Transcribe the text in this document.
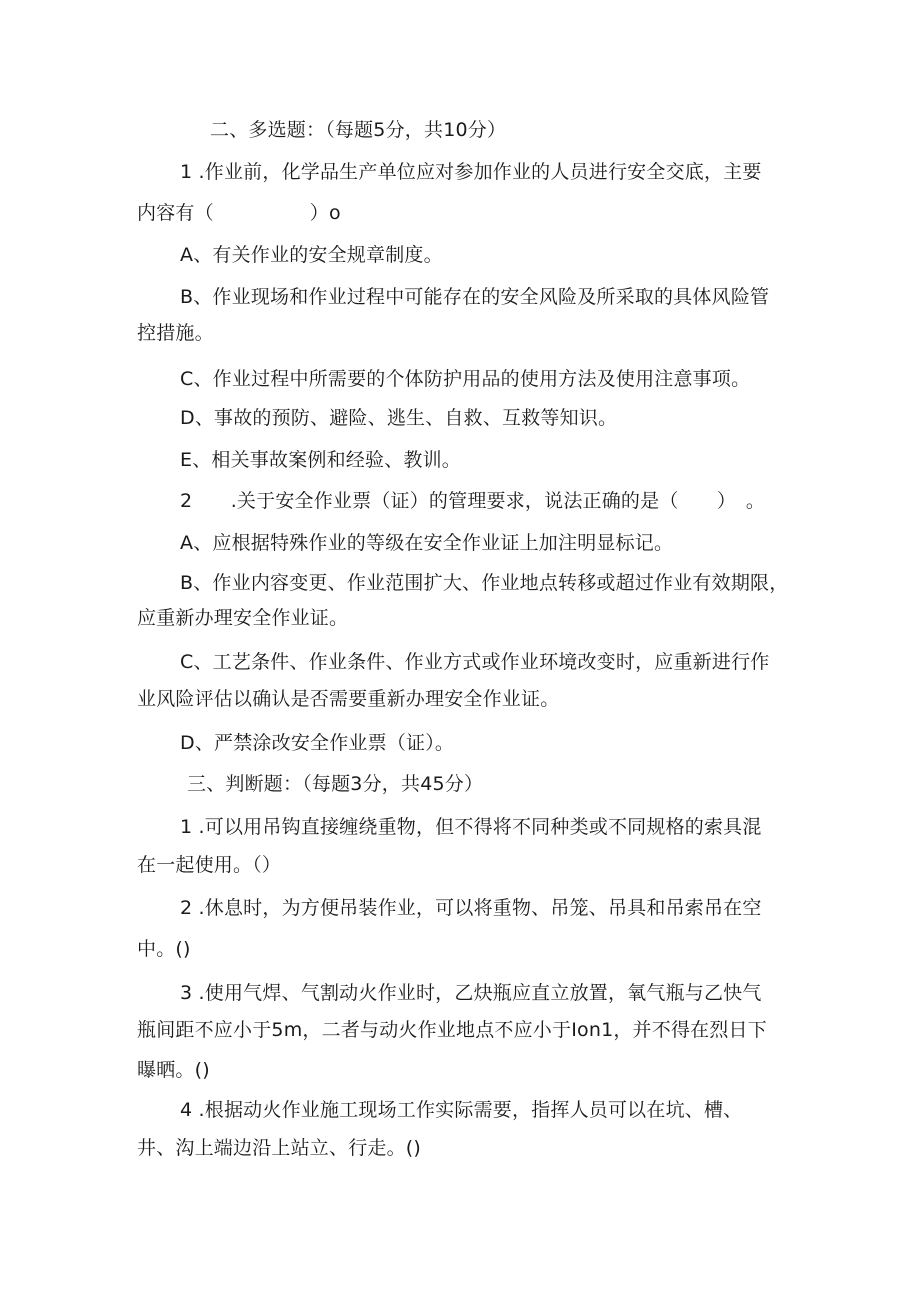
二、多选题：（每题5分，共10分）
1 .作业前，化学品生产单位应对参加作业的人员进行安全交底，主要
内容有（　　　　　）o
A、有关作业的安全规章制度。
B、作业现场和作业过程中可能存在的安全风险及所采取的具体风险管
控措施。
C、作业过程中所需要的个体防护用品的使用方法及使用注意事项。
D、事故的预防、避险、逃生、自救、互救等知识。
E、相关事故案例和经验、教训。
2　　.关于安全作业票（证）的管理要求，说法正确的是（　　）　。
A、应根据特殊作业的等级在安全作业证上加注明显标记。
B、作业内容变更、作业范围扩大、作业地点转移或超过作业有效期限，
应重新办理安全作业证。
C、工艺条件、作业条件、作业方式或作业环境改变时，应重新进行作
业风险评估以确认是否需要重新办理安全作业证。
D、严禁涂改安全作业票（证）。
三、判断题：（每题3分，共45分）
1 .可以用吊钩直接缠绕重物，但不得将不同种类或不同规格的索具混
在一起使用。（）
2 .休息时，为方便吊装作业，可以将重物、吊笼、吊具和吊索吊在空
中。()
3 .使用气焊、气割动火作业时，乙炔瓶应直立放置，氧气瓶与乙快气
瓶间距不应小于5m，二者与动火作业地点不应小于Ion1，并不得在烈日下
曝晒。()
4 .根据动火作业施工现场工作实际需要，指挥人员可以在坑、槽、
井、沟上端边沿上站立、行走。()
